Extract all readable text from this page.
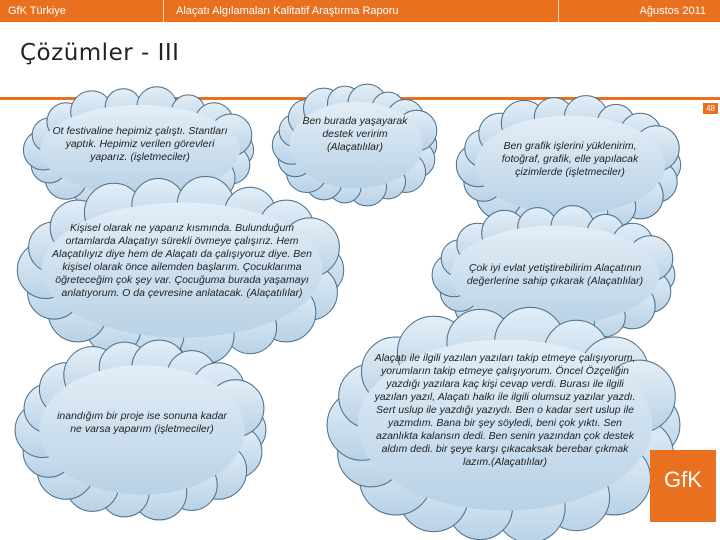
GfK Türkiye	Alaçatı Algılamaları Kalitatif Araştırma Raporu	Ağustos 2011
Çözümler - III
48
Ot festivaline hepimiz çalıştı. Stantları yaptık. Hepimiz verilen görevleri yaparız. (işletmeciler)
Ben burada yaşayarak destek veririm (Alaçatılılar)	Ben grafik işlerini yüklenirim, fotoğraf, grafik, elle yapılacak çizimlerde (işletmeciler)
Kişisel olarak ne yaparız kısmında. Bulunduğum ortamlarda Alaçatıyı sürekli övmeye çalışırız. Hem Alaçatılıyız diye hem de Alaçatı da çalışıyoruz diye. Ben kişisel olarak önce ailemden başlarım. Çocuklarıma öğreteceğim çok şey var. Çocuğuma burada yaşamayı anlatıyorum. O da çevresine anlatacak. (Alaçatılılar)
Çok iyi evlat yetiştirebilirim Alaçatının değerlerine sahip çıkarak (Alaçatılılar)
inandığım bir proje ise sonuna kadar ne varsa yaparım (işletmeciler)
Alaçatı ile ilgili yazılan yazıları takip etmeye çalışıyorum, yorumların takip etmeye çalışıyorum. Öncel Özçeliğin yazdığı yazılara kaç kişi cevap verdi. Burası ile ilgili yazılan yazıl, Alaçatı halkı ile ilgili olumsuz yazılar yazdı. Sert uslup ile yazdığı yazıydı. Ben o kadar sert uslup ile yazmdım. Bana bir şey söyledi, beni çok yıktı. Sen azanlıkta kalansın dedi. Ben senin yazından çok destek aldım dedi. bir şeye karşı çıkacaksak berebar çıkmak lazım.(Alaçatılılar)
GfK
